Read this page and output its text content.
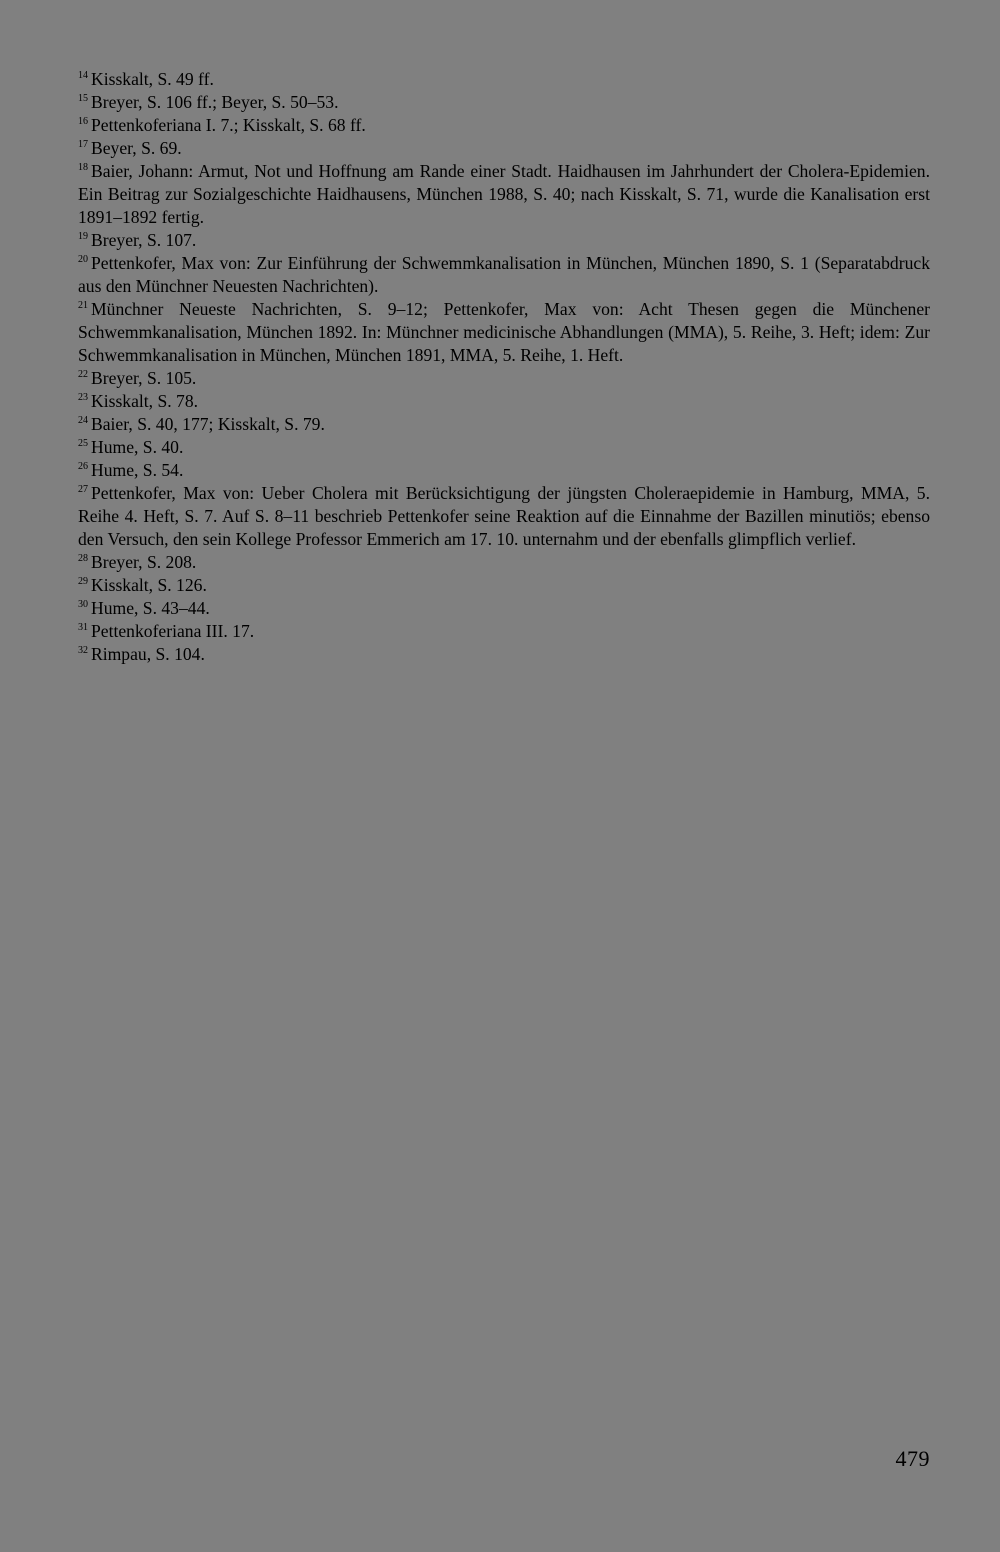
$^{14}$ Kisskalt, S. 49 ff.
$^{15}$ Breyer, S. 106 ff.; Beyer, S. 50–53.
$^{16}$ Pettenkoferiana I. 7.; Kisskalt, S. 68 ff.
$^{17}$ Beyer, S. 69.
$^{18}$ Baier, Johann: Armut, Not und Hoffnung am Rande einer Stadt. Haidhausen im Jahrhundert der Cholera-Epidemien. Ein Beitrag zur Sozialgeschichte Haidhausens, München 1988, S. 40; nach Kisskalt, S. 71, wurde die Kanalisation erst 1891–1892 fertig.
$^{19}$ Breyer, S. 107.
$^{20}$ Pettenkofer, Max von: Zur Einführung der Schwemmkanalisation in München, München 1890, S. 1 (Separatabdruck aus den Münchner Neuesten Nachrichten).
$^{21}$ Münchner Neueste Nachrichten, S. 9–12; Pettenkofer, Max von: Acht Thesen gegen die Münchener Schwemmkanalisation, München 1892. In: Münchner medicinische Abhandlungen (MMA), 5. Reihe, 3. Heft; idem: Zur Schwemmkanalisation in München, München 1891, MMA, 5. Reihe, 1. Heft.
$^{22}$ Breyer, S. 105.
$^{23}$ Kisskalt, S. 78.
$^{24}$ Baier, S. 40, 177; Kisskalt, S. 79.
$^{25}$ Hume, S. 40.
$^{26}$ Hume, S. 54.
$^{27}$ Pettenkofer, Max von: Ueber Cholera mit Berücksichtigung der jüngsten Choleraepidemie in Hamburg, MMA, 5. Reihe 4. Heft, S. 7. Auf S. 8–11 beschrieb Pettenkofer seine Reaktion auf die Einnahme der Bazillen minutiös; ebenso den Versuch, den sein Kollege Professor Emmerich am 17. 10. unternahm und der ebenfalls glimpflich verlief.
$^{28}$ Breyer, S. 208.
$^{29}$ Kisskalt, S. 126.
$^{30}$ Hume, S. 43–44.
$^{31}$ Pettenkoferiana III. 17.
$^{32}$ Rimpau, S. 104.
479
